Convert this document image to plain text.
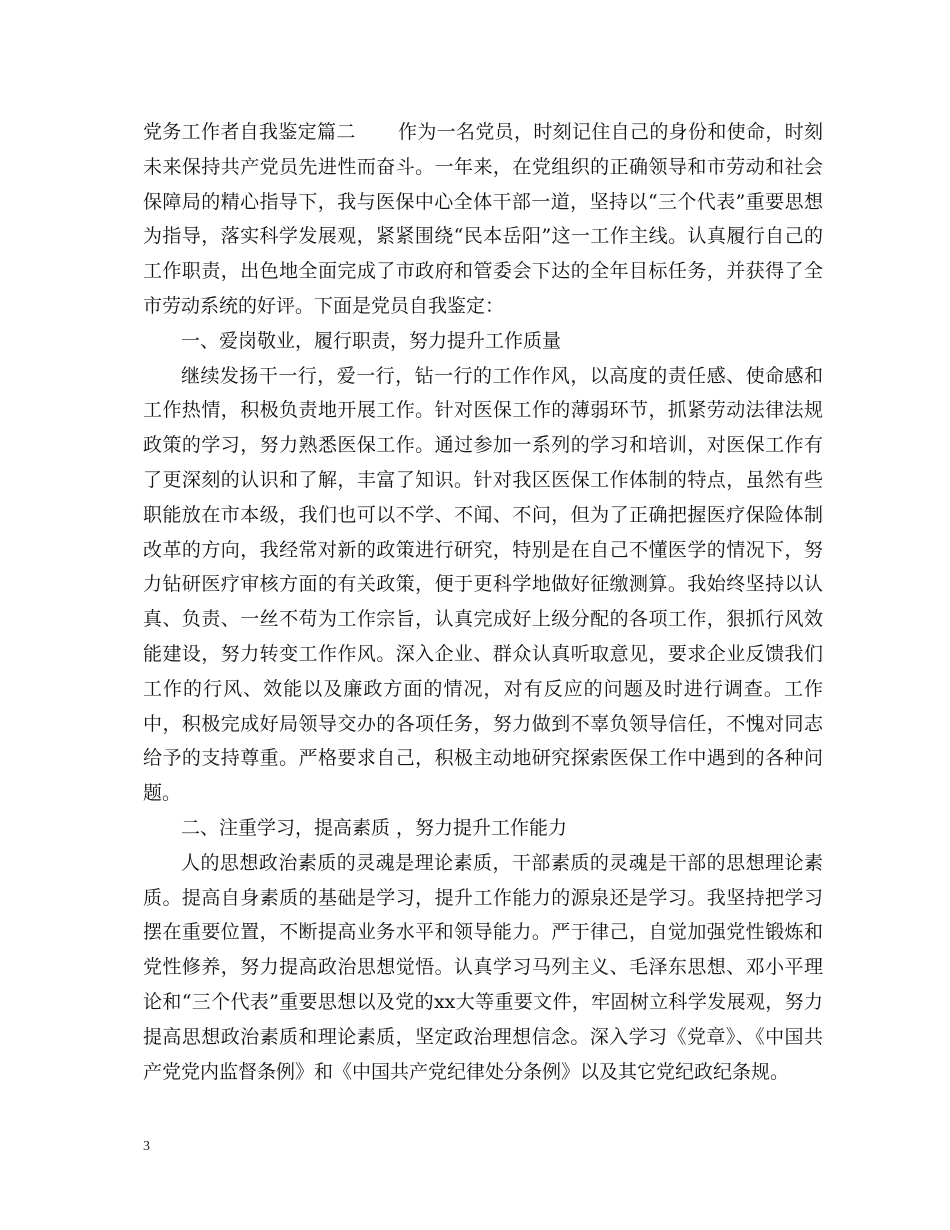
党务工作者自我鉴定篇二 作为一名党员，时刻记住自己的身份和使命，时刻未来保持共产党员先进性而奋斗。一年来，在党组织的正确领导和市劳动和社会保障局的精心指导下，我与医保中心全体干部一道，坚持以“三个代表”重要思想为指导，落实科学发展观，紧紧围绕“民本岳阳”这一工作主线。认真履行自己的工作职责，出色地全面完成了市政府和管委会下达的全年目标任务，并获得了全市劳动系统的好评。下面是党员自我鉴定：

一、爱岗敬业，履行职责，努力提升工作质量

继续发扬干一行，爱一行，钻一行的工作作风，以高度的责任感、使命感和工作热情，积极负责地开展工作。针对医保工作的薄弱环节，抓紧劳动法律法规政策的学习，努力熟悉医保工作。通过参加一系列的学习和培训，对医保工作有了更深刻的认识和了解，丰富了知识。针对我区医保工作体制的特点，虽然有些职能放在市本级，我们也可以不学、不闻、不问，但为了正确把握医疗保险体制改革的方向，我经常对新的政策进行研究，特别是在自己不懂医学的情况下，努力钻研医疗审核方面的有关政策，便于更科学地做好征缴测算。我始终坚持以认真、负责、一丝不苟为工作宗旨，认真完成好上级分配的各项工作，狠抓行风效能建设，努力转变工作作风。深入企业、群众认真听取意见，要求企业反馈我们工作的行风、效能以及廉政方面的情况，对有反应的问题及时进行调查。工作中，积极完成好局领导交办的各项任务，努力做到不辜负领导信任，不愧对同志给予的支持尊重。严格要求自己，积极主动地研究探索医保工作中遇到的各种问题。

二、注重学习，提高素质 ，努力提升工作能力

人的思想政治素质的灵魂是理论素质，干部素质的灵魂是干部的思想理论素质。提高自身素质的基础是学习，提升工作能力的源泉还是学习。我坚持把学习摆在重要位置，不断提高业务水平和领导能力。严于律己，自觉加强党性锻炼和党性修养，努力提高政治思想觉悟。认真学习马列主义、毛泽东思想、邓小平理论和“三个代表”重要思想以及党的xx大等重要文件，牢固树立科学发展观，努力提高思想政治素质和理论素质，坚定政治理想信念。深入学习《党章》、《中国共产党党内监督条例》和《中国共产党纪律处分条例》以及其它党纪政纪条规。

3
